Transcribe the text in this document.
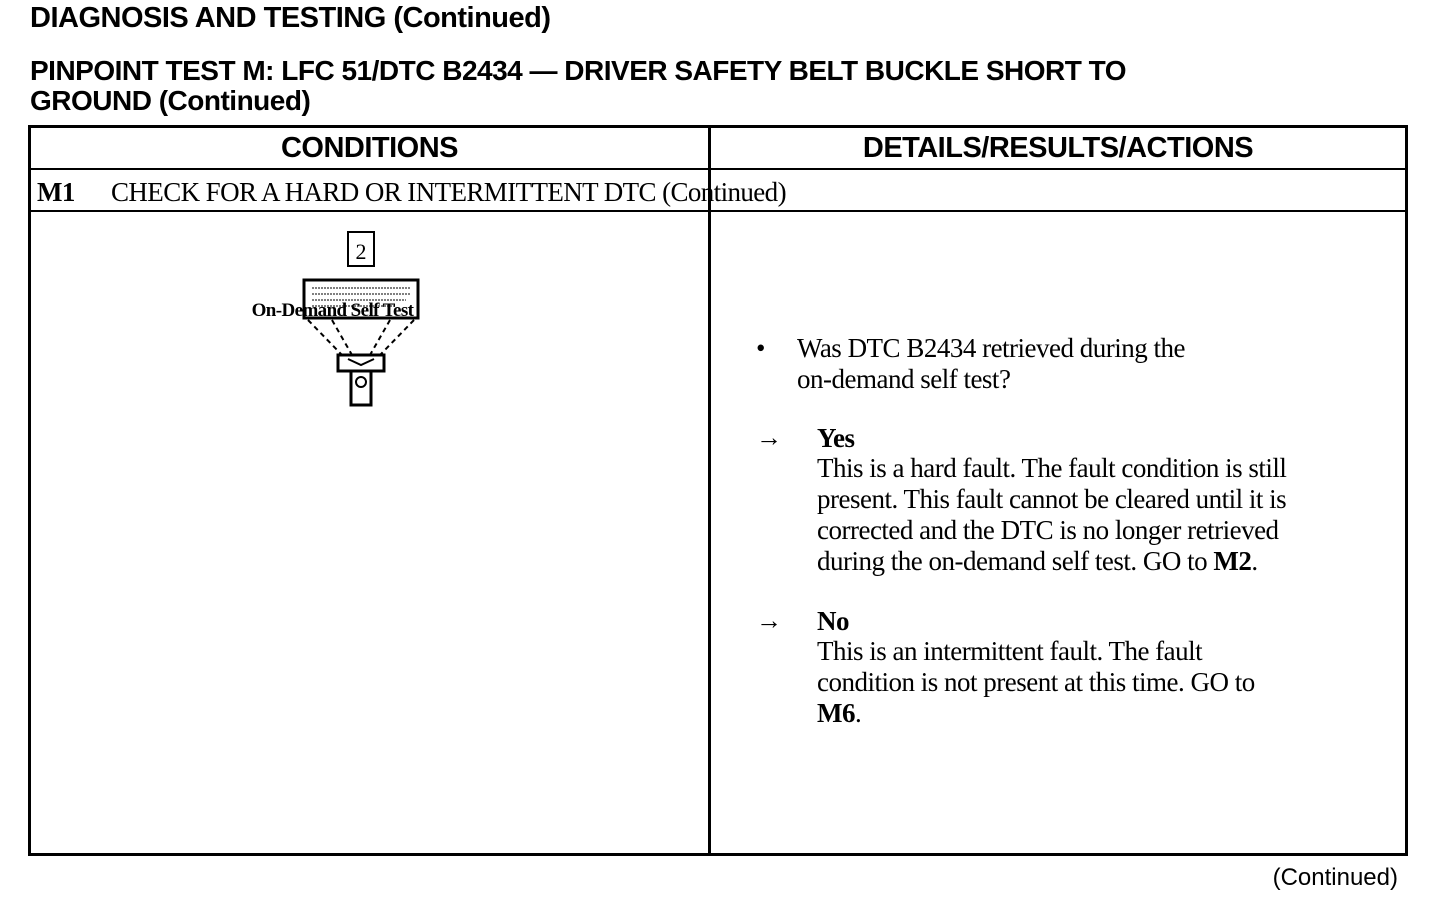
DIAGNOSIS AND TESTING (Continued)
PINPOINT TEST M: LFC 51/DTC B2434 — DRIVER SAFETY BELT BUCKLE SHORT TO
GROUND (Continued)
CONDITIONS	DETAILS/RESULTS/ACTIONS
M1	CHECK FOR A HARD OR INTERMITTENT DTC (Continued)
2
On-Demand Self Test
• Was DTC B2434 retrieved during the
on-demand self test?
→ Yes
This is a hard fault. The fault condition is still
present. This fault cannot be cleared until it is
corrected and the DTC is no longer retrieved
during the on-demand self test. GO to M2.
→ No
This is an intermittent fault. The fault
condition is not present at this time. GO to
M6.
(Continued)
